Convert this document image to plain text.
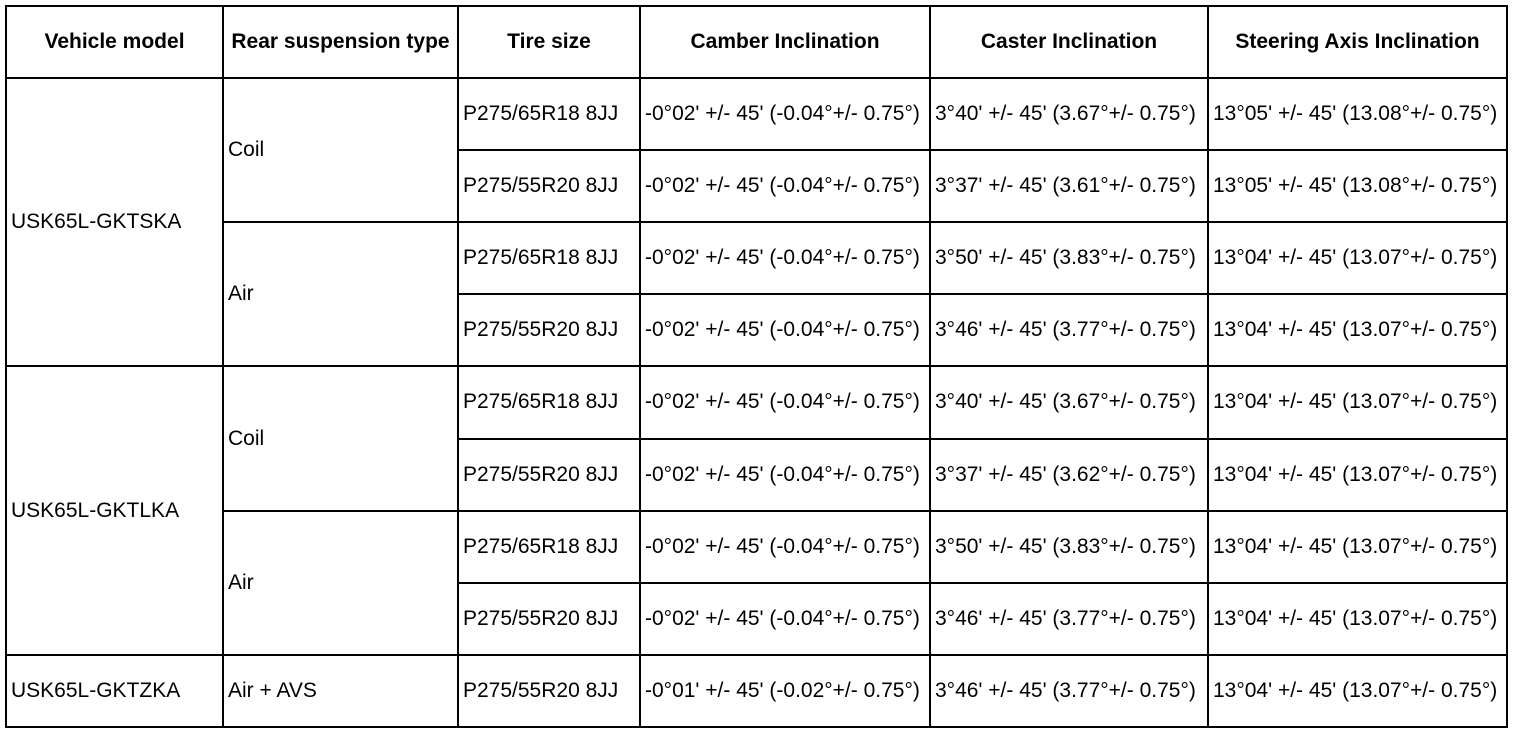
Vehicle model	Rear suspension type	Tire size	Camber Inclination	Caster Inclination	Steering Axis Inclination
USK65L-GKTSKA	Coil	P275/65R18 8JJ	-0°02' +/- 45' (-0.04°+/- 0.75°)	3°40' +/- 45' (3.67°+/- 0.75°)	13°05' +/- 45' (13.08°+/- 0.75°)
		P275/55R20 8JJ	-0°02' +/- 45' (-0.04°+/- 0.75°)	3°37' +/- 45' (3.61°+/- 0.75°)	13°05' +/- 45' (13.08°+/- 0.75°)
	Air	P275/65R18 8JJ	-0°02' +/- 45' (-0.04°+/- 0.75°)	3°50' +/- 45' (3.83°+/- 0.75°)	13°04' +/- 45' (13.07°+/- 0.75°)
		P275/55R20 8JJ	-0°02' +/- 45' (-0.04°+/- 0.75°)	3°46' +/- 45' (3.77°+/- 0.75°)	13°04' +/- 45' (13.07°+/- 0.75°)
USK65L-GKTLKA	Coil	P275/65R18 8JJ	-0°02' +/- 45' (-0.04°+/- 0.75°)	3°40' +/- 45' (3.67°+/- 0.75°)	13°04' +/- 45' (13.07°+/- 0.75°)
		P275/55R20 8JJ	-0°02' +/- 45' (-0.04°+/- 0.75°)	3°37' +/- 45' (3.62°+/- 0.75°)	13°04' +/- 45' (13.07°+/- 0.75°)
	Air	P275/65R18 8JJ	-0°02' +/- 45' (-0.04°+/- 0.75°)	3°50' +/- 45' (3.83°+/- 0.75°)	13°04' +/- 45' (13.07°+/- 0.75°)
		P275/55R20 8JJ	-0°02' +/- 45' (-0.04°+/- 0.75°)	3°46' +/- 45' (3.77°+/- 0.75°)	13°04' +/- 45' (13.07°+/- 0.75°)
USK65L-GKTZKA	Air + AVS	P275/55R20 8JJ	-0°01' +/- 45' (-0.02°+/- 0.75°)	3°46' +/- 45' (3.77°+/- 0.75°)	13°04' +/- 45' (13.07°+/- 0.75°)
